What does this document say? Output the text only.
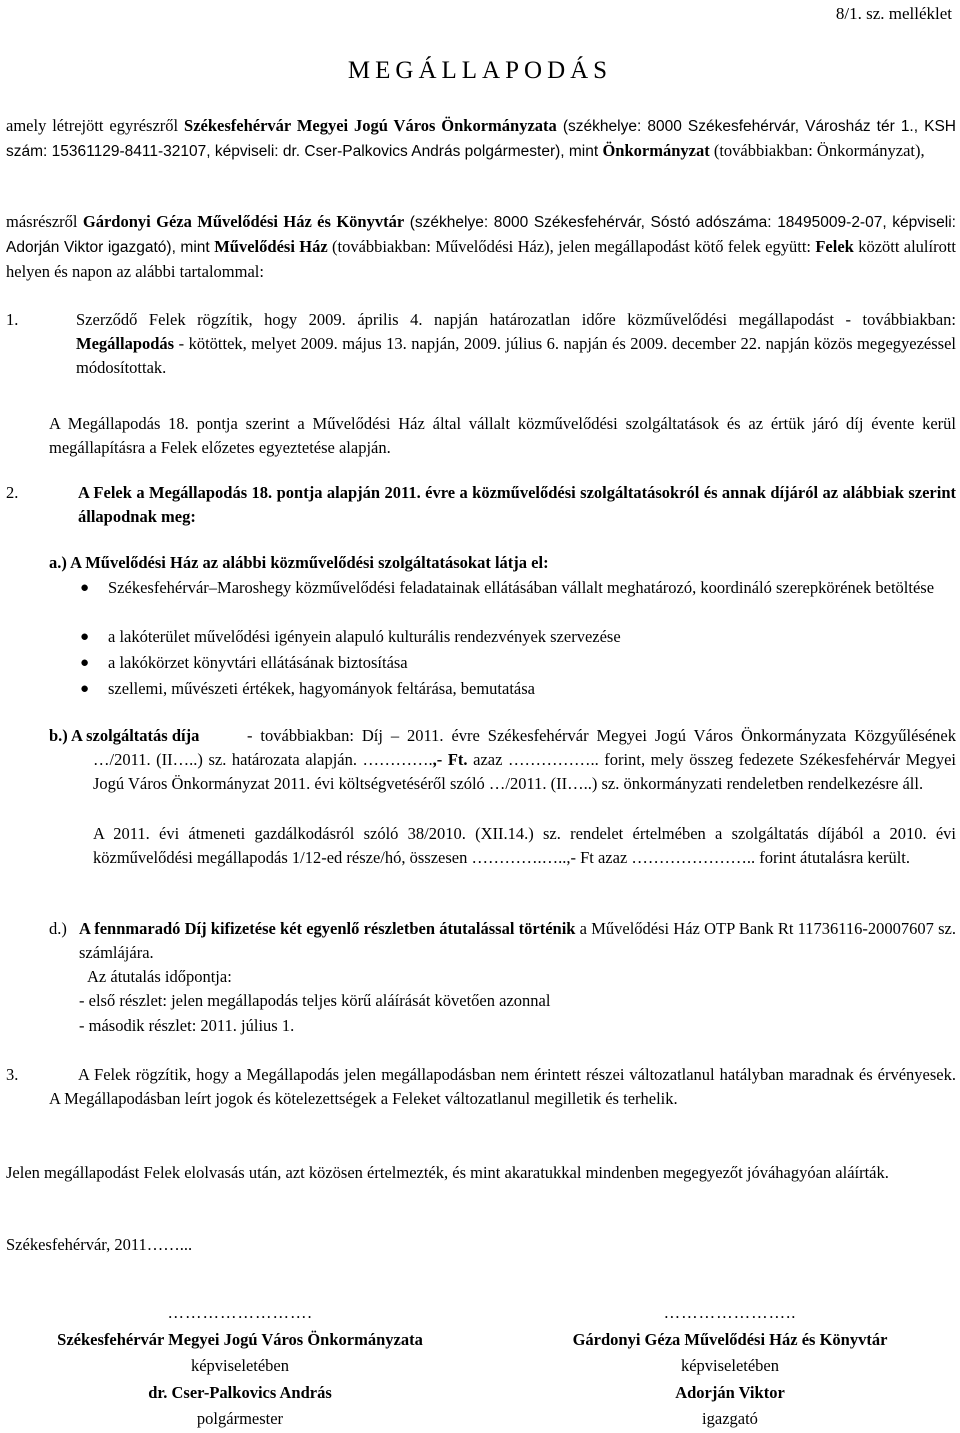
8/1. sz. melléklet
MEGÁLLAPODÁS
amely létrejött egyrészről Székesfehérvár Megyei Jogú Város Önkormányzata (székhelye: 8000 Székesfehérvár, Városház tér 1., KSH szám: 15361129-8411-32107, képviseli: dr. Cser-Palkovics András polgármester), mint Önkormányzat (továbbiakban: Önkormányzat),
másrészről Gárdonyi Géza Művelődési Ház és Könyvtár (székhelye: 8000 Székesfehérvár, Sóstó adószáma: 18495009-2-07, képviseli: Adorján Viktor igazgató), mint Művelődési Ház (továbbiakban: Művelődési Ház), jelen megállapodást kötő felek együtt: Felek között alulírott helyen és napon az alábbi tartalommal:
1.	Szerződő Felek rögzítik, hogy 2009. április 4. napján határozatlan időre közművelődési megállapodást - továbbiakban: Megállapodás - kötöttek, melyet 2009. május 13. napján, 2009. július 6. napján és 2009. december 22. napján közös megegyezéssel módosítottak.
A Megállapodás 18. pontja szerint a Művelődési Ház által vállalt közművelődési szolgáltatások és az értük járó díj évente kerül megállapításra a Felek előzetes egyeztetése alapján.
2.	A Felek a Megállapodás 18. pontja alapján 2011. évre a közművelődési szolgáltatásokról és annak díjáról az alábbiak szerint állapodnak meg:
a.) A Művelődési Ház az alábbi közművelődési szolgáltatásokat látja el:
● Székesfehérvár–Maroshegy közművelődési feladatainak ellátásában vállalt meghatározó, koordináló szerepkörének betöltése
● a lakóterület művelődési igényein alapuló kulturális rendezvények szervezése
● a lakókörzet könyvtári ellátásának biztosítása
● szellemi, művészeti értékek, hagyományok feltárása, bemutatása
b.) A szolgáltatás díja	- továbbiakban: Díj – 2011. évre Székesfehérvár Megyei Jogú Város Önkormányzata Közgyűlésének …/2011. (II…..) sz. határozata alapján. ………….,- Ft. azaz …………….. forint, mely összeg fedezete Székesfehérvár Megyei Jogú Város Önkormányzat 2011. évi költségvetéséről szóló …/2011. (II…..) sz. önkormányzati rendeletben rendelkezésre áll.
A 2011. évi átmeneti gazdálkodásról szóló 38/2010. (XII.14.) sz. rendelet értelmében a szolgáltatás díjából a 2010. évi közművelődési megállapodás 1/12-ed része/hó, összesen ………….…..,- Ft azaz ………………….. forint átutalásra került.
d.) A fennmaradó Díj kifizetése két egyenlő részletben átutalással történik a Művelődési Ház OTP Bank Rt 11736116-20007607 sz. számlájára.
Az átutalás időpontja:
- első részlet: jelen megállapodás teljes körű aláírását követően azonnal
- második részlet: 2011. július 1.
3.	A Felek rögzítik, hogy a Megállapodás jelen megállapodásban nem érintett részei változatlanul hatályban maradnak és érvényesek. A Megállapodásban leírt jogok és kötelezettségek a Feleket változatlanul megilletik és terhelik.
Jelen megállapodást Felek elolvasás után, azt közösen értelmezték, és mint akaratukkal mindenben megegyezőt jóváhagyóan aláírták.
Székesfehérvár, 2011……...
…………………….
Székesfehérvár Megyei Jogú Város Önkormányzata
képviseletében
dr. Cser-Palkovics András
polgármester
…………………..
Gárdonyi Géza Művelődési Ház és Könyvtár
képviseletében
Adorján Viktor
igazgató
